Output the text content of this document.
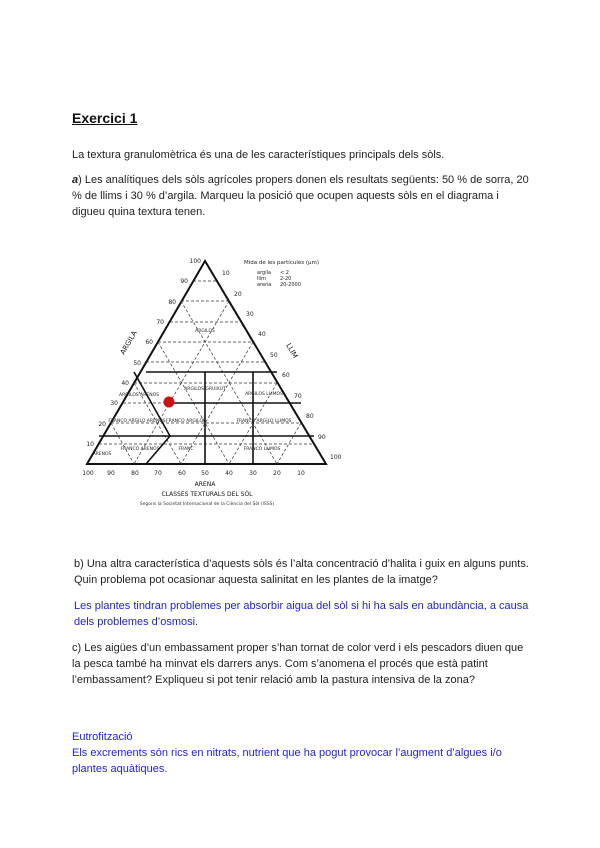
Exercici 1
La textura granulomètrica és una de les característiques principals dels sòls.
a) Les analítiques dels sòls agrícoles propers donen els resultats següents: 50 % de sorra, 20 % de llims i 30 % d’argila. Marqueu la posició que ocupen aquests sòls en el diagrama i digueu quina textura tenen.
ARGILOS
ARGILOS GRUIXUT
ARGILOS LLIMOS
ARGILOS ARENOS
FRANCO ARGILO ARENOS FRANCO ARGILOS	FRANCO ARGILO LLIMOS
ARENOS
FRANCO ARENOS	FRANC	FRANCO LLIMOS
100
90
80
70
60
50
40
30
20
10
10
20
30
40
50
60
70
80
90
100
100 90	80	70	60	50	40	30	20	10
ARGILA	LLIM
ARENA
Mida de les partícules (µm)
argila < 2
llim	2-20
arena 20-2000
CLASSES TEXTURALS DEL SÒL
Segons la Societat Internacional de la Ciència del Sòl (ISSS)
b) Una altra característica d’aquests sòls és l’alta concentració d’halita i guix en alguns punts. Quin problema pot ocasionar aquesta salinitat en les plantes de la imatge?
Les plantes tindran problemes per absorbir aigua del sòl si hi ha sals en abundància, a causa dels problemes d’osmosi.
c) Les aigües d’un embassament proper s’han tornat de color verd i els pescadors diuen que la pesca també ha minvat els darrers anys. Com s’anomena el procés que està patint l’embassament? Expliqueu si pot tenir relació amb la pastura intensiva de la zona?
Eutrofització
Els excrements són rics en nitrats, nutrient que ha pogut provocar l’augment d’algues i/o plantes aquàtiques.
